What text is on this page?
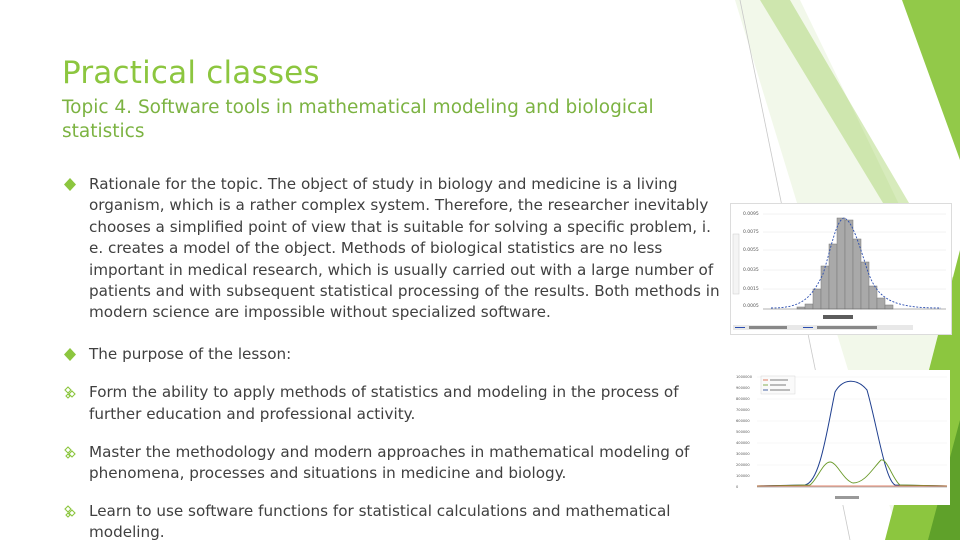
Practical classes
Topic 4. Software tools in mathematical modeling and biological statistics
Rationale for the topic. The object of study in biology and medicine is a living organism, which is a rather complex system. Therefore, the researcher inevitably chooses a simplified point of view that is suitable for solving a specific problem, i. e. creates a model of the object. Methods of biological statistics are no less important in medical research, which is usually carried out with a large number of patients and with subsequent statistical processing of the results. Both methods in modern science are impossible without specialized software.
The purpose of the lesson:
Form the ability to apply methods of statistics and modeling in the process of further education and professional activity.
Master the methodology and modern approaches in mathematical modeling of phenomena, processes and situations in medicine and biology.
Learn to use software functions for statistical calculations and mathematical modeling.
0.0095
0.0075
0.0055
0.0035
0.0015
0.0005
1000000
900000
800000
700000
600000
500000
400000
300000
200000
100000
0
